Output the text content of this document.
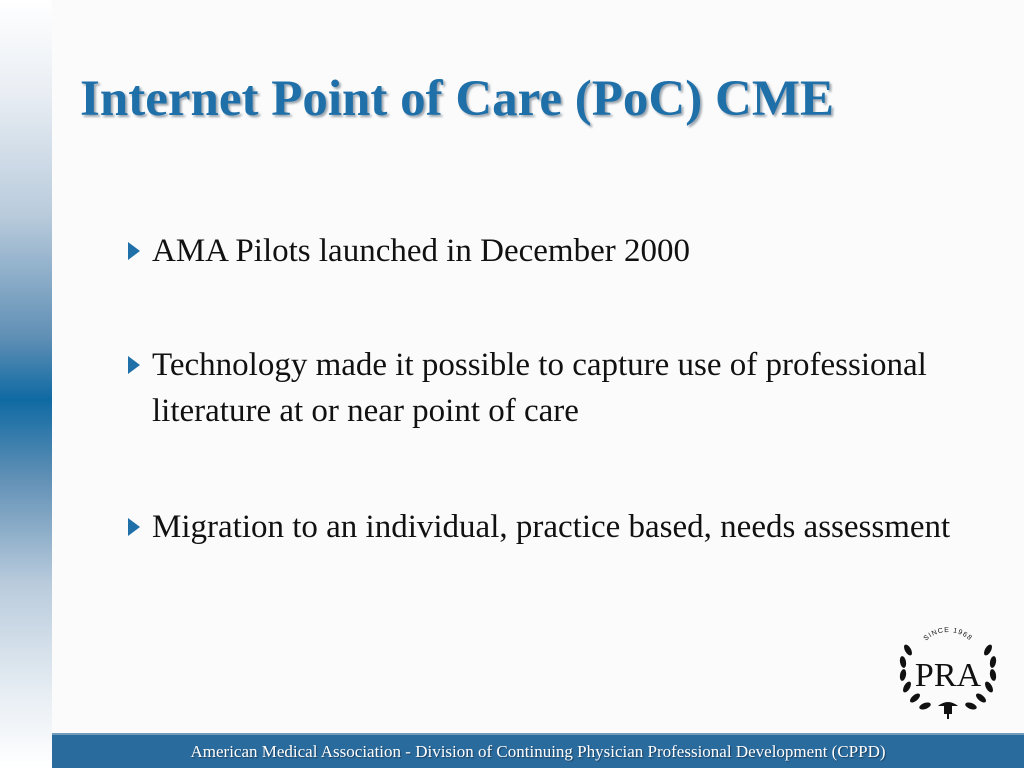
Internet Point of Care (PoC) CME
AMA Pilots launched in December 2000
Technology made it possible to capture use of professional literature at or near point of care
Migration to an individual, practice based, needs assessment
SINCE 1968
PRA
American Medical Association - Division of Continuing Physician Professional Development (CPPD)
